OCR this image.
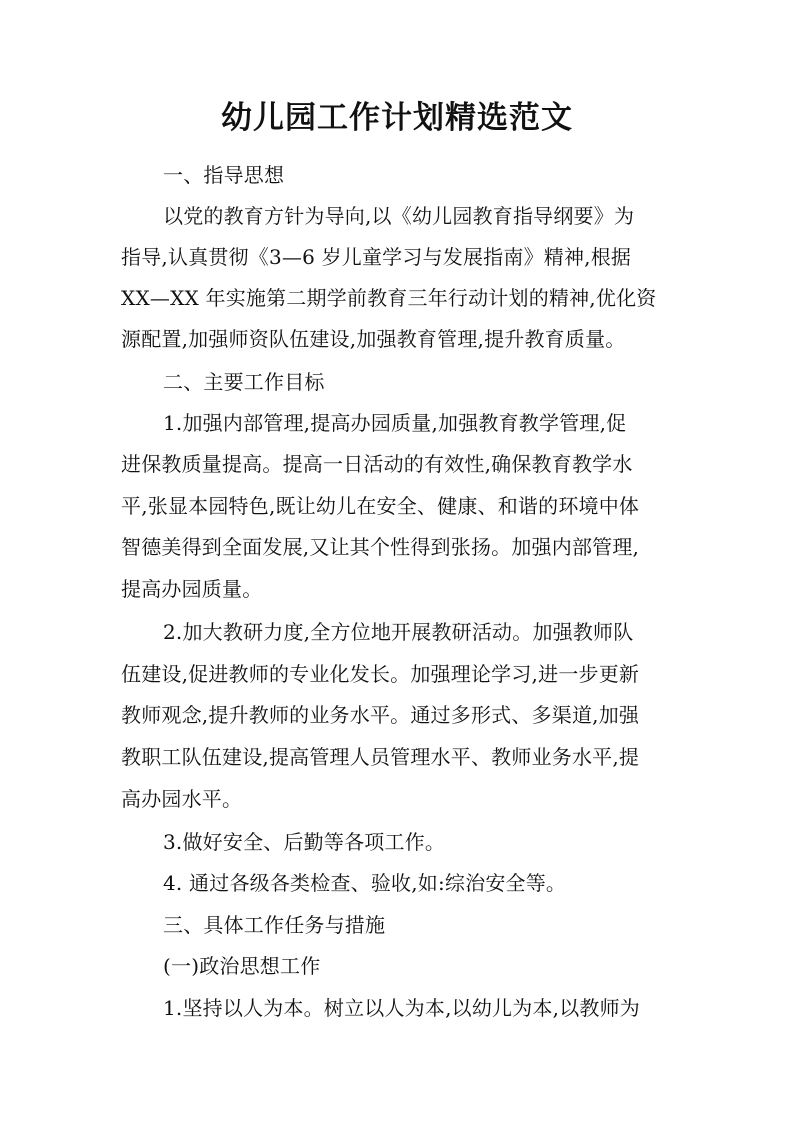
幼儿园工作计划精选范文
一、指导思想
以党的教育方针为导向,以《幼儿园教育指导纲要》为
指导,认真贯彻《3—6 岁儿童学习与发展指南》精神,根据
XX—XX 年实施第二期学前教育三年行动计划的精神,优化资
源配置,加强师资队伍建设,加强教育管理,提升教育质量。
二、主要工作目标
1.加强内部管理,提高办园质量,加强教育教学管理,促
进保教质量提高。提高一日活动的有效性,确保教育教学水
平,张显本园特色,既让幼儿在安全、健康、和谐的环境中体
智德美得到全面发展,又让其个性得到张扬。加强内部管理,
提高办园质量。
2.加大教研力度,全方位地开展教研活动。加强教师队
伍建设,促进教师的专业化发长。加强理论学习,进一步更新
教师观念,提升教师的业务水平。通过多形式、多渠道,加强
教职工队伍建设,提高管理人员管理水平、教师业务水平,提
高办园水平。
3.做好安全、后勤等各项工作。
4. 通过各级各类检查、验收,如:综治安全等。
三、具体工作任务与措施
(一)政治思想工作
1.坚持以人为本。树立以人为本,以幼儿为本,以教师为
